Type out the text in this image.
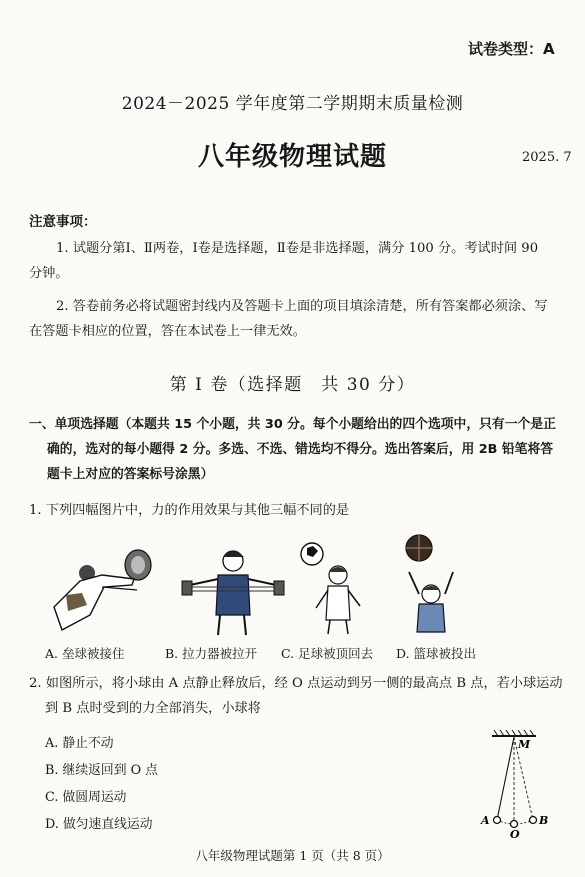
试卷类型：A
2024－2025 学年度第二学期期末质量检测
八年级物理试题	2025. 7
注意事项：
1. 试题分第Ⅰ、Ⅱ两卷，Ⅰ卷是选择题，Ⅱ卷是非选择题，满分 100 分。考试时间 90
分钟。
2. 答卷前务必将试题密封线内及答题卡上面的项目填涂清楚，所有答案都必须涂、写
在答题卡相应的位置，答在本试卷上一律无效。
第 Ⅰ 卷（选择题　共 30 分）
一、单项选择题（本题共 15 个小题，共 30 分。每个小题给出的四个选项中，只有一个是正
确的，选对的每小题得 2 分。多选、不选、错选均不得分。选出答案后，用 2B 铅笔将答
题卡上对应的答案标号涂黑）
1. 下列四幅图片中，力的作用效果与其他三幅不同的是
A. 垒球被接住	B. 拉力器被拉开 C. 足球被顶回去 D. 篮球被投出
2. 如图所示，将小球由 A 点静止释放后，经 O 点运动到另一侧的最高点 B 点，若小球运动
到 B 点时受到的力全部消失，小球将
A. 静止不动
B. 继续返回到 O 点
C. 做圆周运动
D. 做匀速直线运动
M
A
O
B
八年级物理试题第 1 页（共 8 页）
